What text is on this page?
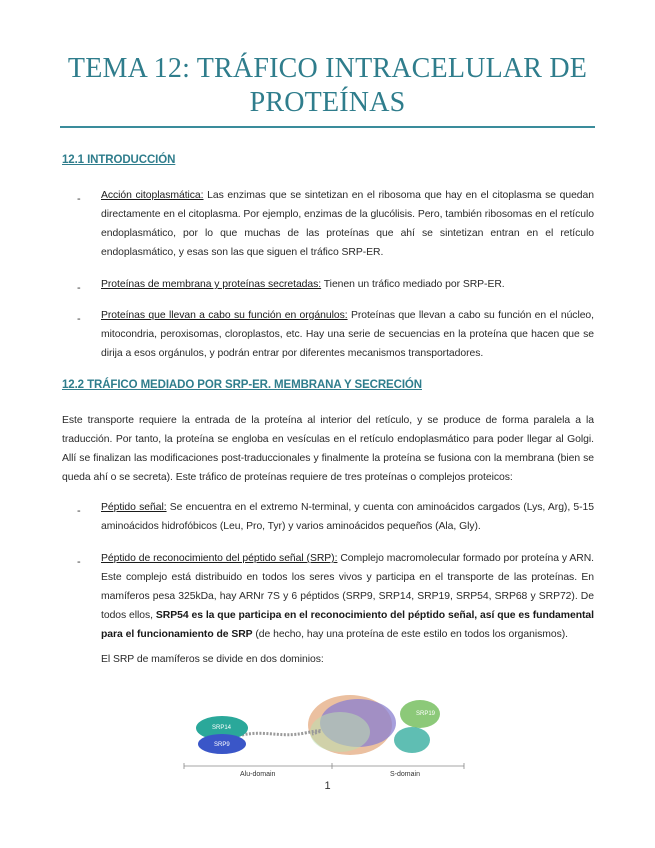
TEMA 12: TRÁFICO INTRACELULAR DE PROTEÍNAS
12.1 INTRODUCCIÓN
- Acción citoplasmática: Las enzimas que se sintetizan en el ribosoma que hay en el citoplasma se quedan directamente en el citoplasma. Por ejemplo, enzimas de la glucólisis. Pero, también ribosomas en el retículo endoplasmático, por lo que muchas de las proteínas que ahí se sintetizan entran en el retículo endoplasmático, y esas son las que siguen el tráfico SRP-ER.
- Proteínas de membrana y proteínas secretadas: Tienen un tráfico mediado por SRP-ER.
- Proteínas que llevan a cabo su función en orgánulos: Proteínas que llevan a cabo su función en el núcleo, mitocondria, peroxisomas, cloroplastos, etc. Hay una serie de secuencias en la proteína que hacen que se dirija a esos orgánulos, y podrán entrar por diferentes mecanismos transportadores.
12.2 TRÁFICO MEDIADO POR SRP-ER. MEMBRANA Y SECRECIÓN
Este transporte requiere la entrada de la proteína al interior del retículo, y se produce de forma paralela a la traducción. Por tanto, la proteína se engloba en vesículas en el retículo endoplasmático para poder llegar al Golgi. Allí se finalizan las modificaciones post-traduccionales y finalmente la proteína se fusiona con la membrana (bien se queda ahí o se secreta). Este tráfico de proteínas requiere de tres proteínas o complejos proteicos:
- Péptido señal: Se encuentra en el extremo N-terminal, y cuenta con aminoácidos cargados (Lys, Arg), 5-15 aminoácidos hidrofóbicos (Leu, Pro, Tyr) y varios aminoácidos pequeños (Ala, Gly).
- Péptido de reconocimiento del péptido señal (SRP): Complejo macromolecular formado por proteína y ARN. Este complejo está distribuido en todos los seres vivos y participa en el transporte de las proteínas. En mamíferos pesa 325kDa, hay ARNr 7S y 6 péptidos (SRP9, SRP14, SRP19, SRP54, SRP68 y SRP72). De todos ellos, SRP54 es la que participa en el reconocimiento del péptido señal, así que es fundamental para el funcionamiento de SRP (de hecho, hay una proteína de este estilo en todos los organismos).
El SRP de mamíferos se divide en dos dominios:
SRP14
SRP9
SRP19
Alu-domain	S-domain
1
